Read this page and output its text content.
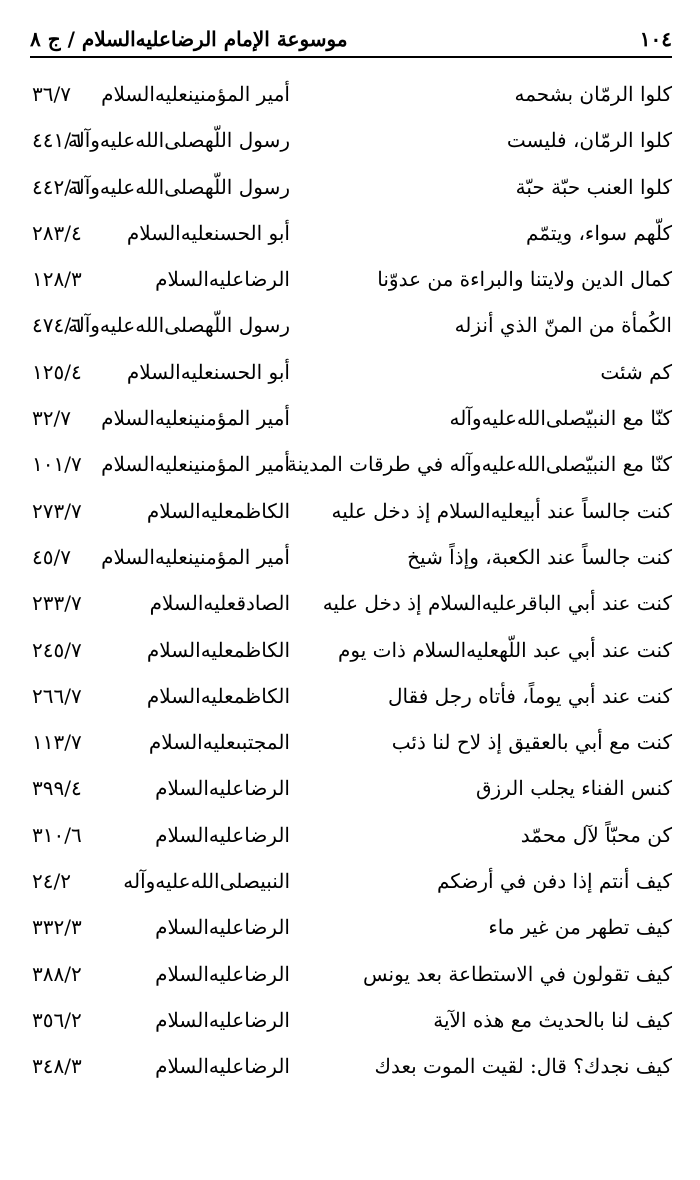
١٠٤
موسوعة الإمام الرضاعليه‌السلام / ج ٨
كلوا الرمّان بشحمه
أمير المؤمنينعليه‌السلام
٣٦/٧
كلوا الرمّان، فليست
رسول اللّهصلى‌الله‌عليه‌وآله
٤٤١/٦
كلوا العنب حبّة حبّة
رسول اللّهصلى‌الله‌عليه‌وآله
٤٤٢/٦
كلّهم سواء، ويتمّم
أبو الحسنعليه‌السلام
٢٨٣/٤
كمال الدين ولايتنا والبراءة من عدوّنا
الرضاعليه‌السلام
١٢٨/٣
الكُمأة من المنّ الذي أنزله
رسول اللّهصلى‌الله‌عليه‌وآله
٤٧٤/٦
كم شئت
أبو الحسنعليه‌السلام
١٢٥/٤
كنّا مع النبيّصلى‌الله‌عليه‌وآله
أمير المؤمنينعليه‌السلام
٣٢/٧
كنّا مع النبيّصلى‌الله‌عليه‌وآله في طرقات المدينة
أمير المؤمنينعليه‌السلام
١٠١/٧
كنت جالساً عند أبيعليه‌السلام إذ دخل عليه
الكاظمعليه‌السلام
٢٧٣/٧
كنت جالساً عند الكعبة، وإذاً شيخ
أمير المؤمنينعليه‌السلام
٤٥/٧
كنت عند أبي الباقرعليه‌السلام إذ دخل عليه
الصادقعليه‌السلام
٢٣٣/٧
كنت عند أبي عبد اللّهعليه‌السلام ذات يوم
الكاظمعليه‌السلام
٢٤٥/٧
كنت عند أبي يوماً، فأتاه رجل فقال
الكاظمعليه‌السلام
٢٦٦/٧
كنت مع أبي بالعقيق إذ لاح لنا ذئب
المجتبىعليه‌السلام
١١٣/٧
كنس الفناء يجلب الرزق
الرضاعليه‌السلام
٣٩٩/٤
كن محبّاً لآل محمّد
الرضاعليه‌السلام
٣١٠/٦
كيف أنتم إذا دفن في أرضكم
النبيصلى‌الله‌عليه‌وآله
٢٤/٢
كيف تطهر من غير ماء
الرضاعليه‌السلام
٣٣٢/٣
كيف تقولون في الاستطاعة بعد يونس
الرضاعليه‌السلام
٣٨٨/٢
كيف لنا بالحديث مع هذه الآية
الرضاعليه‌السلام
٣٥٦/٢
كيف نجدك؟ قال: لقيت الموت بعدك
الرضاعليه‌السلام
٣٤٨/٣
